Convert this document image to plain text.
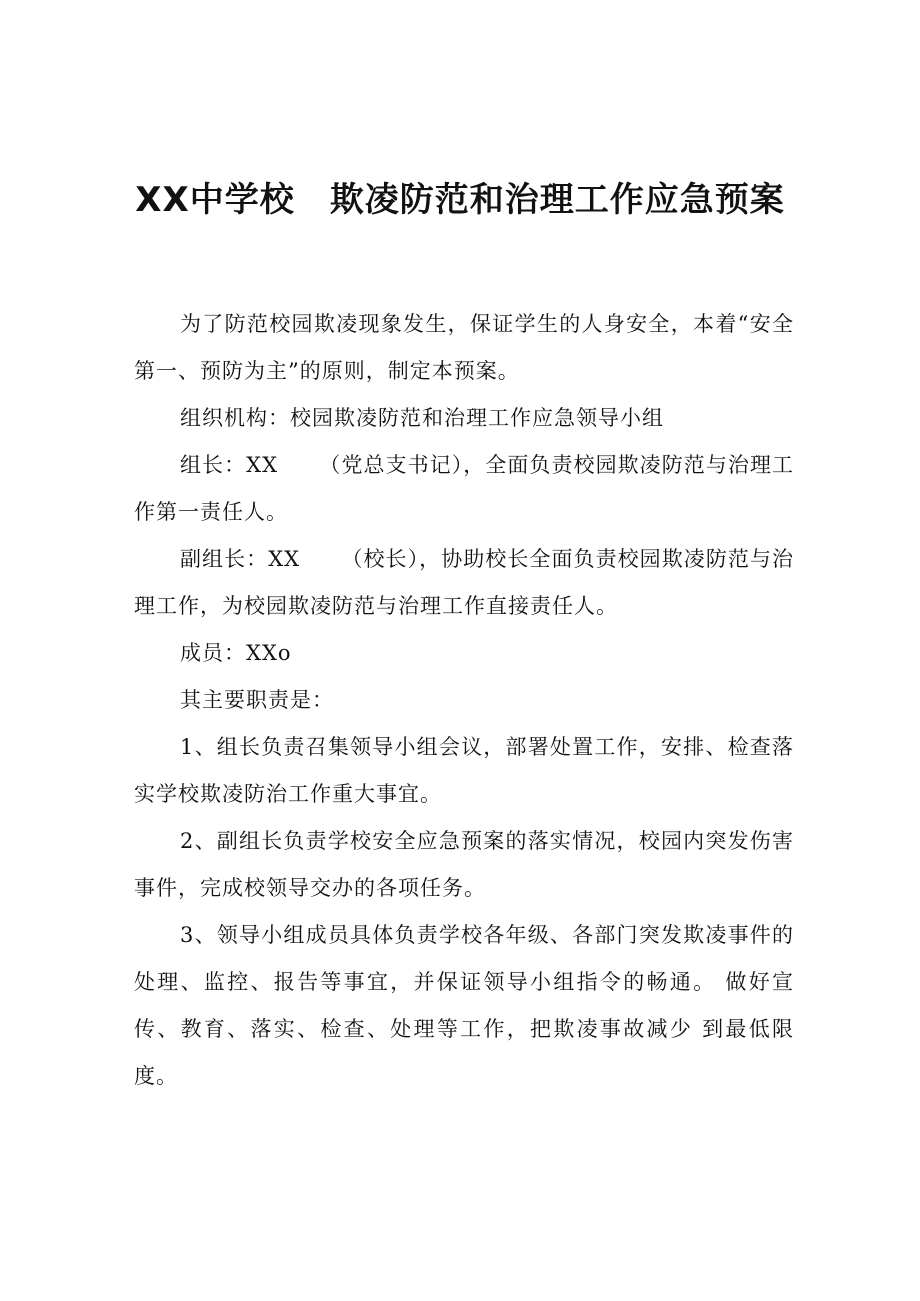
XX中学校　欺凌防范和治理工作应急预案

为了防范校园欺凌现象发生，保证学生的人身安全，本着“安全第一、预防为主”的原则，制定本预案。

组织机构：校园欺凌防范和治理工作应急领导小组

组长：XX 　　（党总支书记），全面负责校园欺凌防范与治理工作第一责任人。

副组长：XX 　　（校长），协助校长全面负责校园欺凌防范与治理工作，为校园欺凌防范与治理工作直接责任人。

成员：XXo

其主要职责是：

1、组长负责召集领导小组会议，部署处置工作，安排、检查落实学校欺凌防治工作重大事宜。

2、副组长负责学校安全应急预案的落实情况，校园内突发伤害事件，完成校领导交办的各项任务。

3、领导小组成员具体负责学校各年级、各部门突发欺凌事件的处理、监控、报告等事宜，并保证领导小组指令的畅通。 做好宣传、教育、落实、检查、处理等工作，把欺凌事故减少 到最低限度。
